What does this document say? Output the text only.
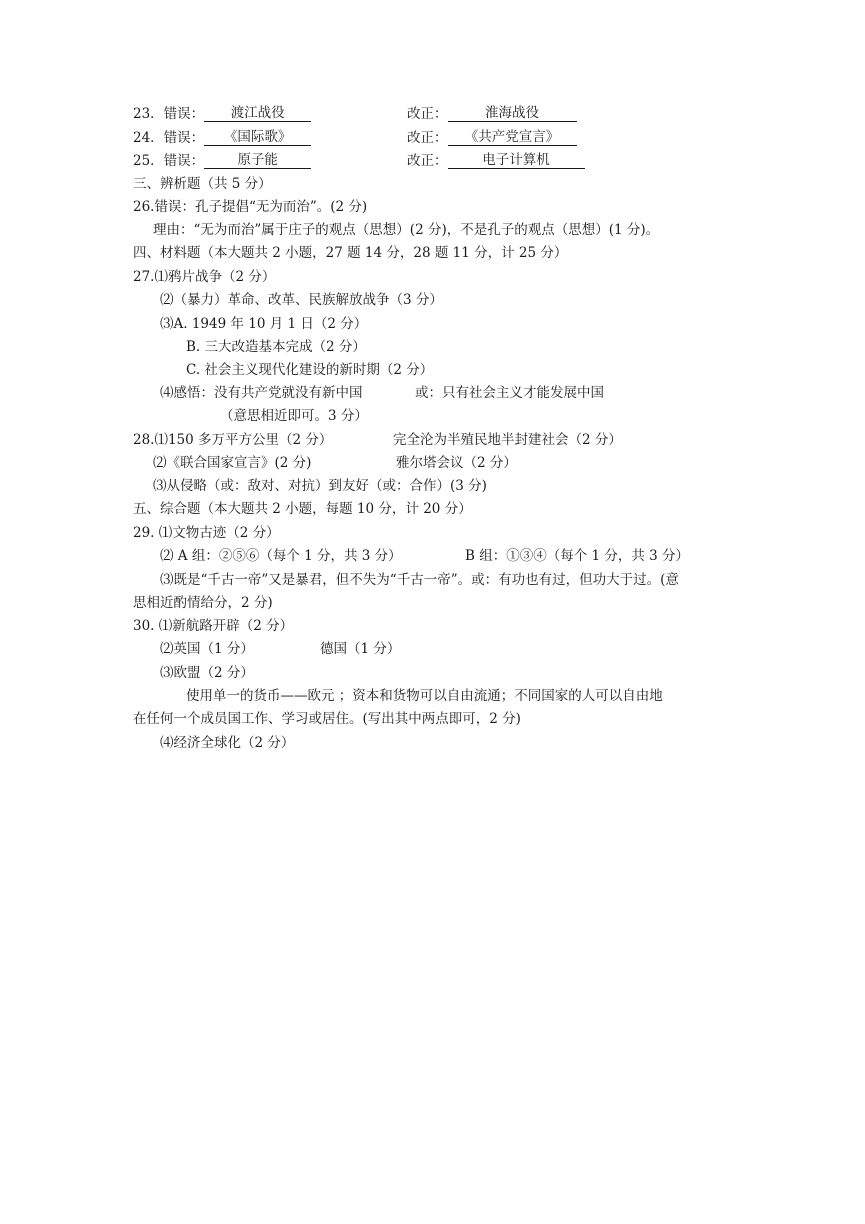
23．错误： 渡江战役	改正：	淮海战役
24．错误： 《国际歌》	改正： 《共产党宣言》
25．错误： 原子能	改正：	电子计算机
三、辨析题（共 5 分）
26.错误：孔子提倡“无为而治”。(2 分)
理由：“无为而治”属于庄子的观点（思想）(2 分)，不是孔子的观点（思想）(1 分)。
四、材料题（本大题共 2 小题，27 题 14 分，28 题 11 分，计 25 分）
27.⑴鸦片战争（2 分）
⑵（暴力）革命、改革、民族解放战争（3 分）
⑶A. 1949 年 10 月 1 日（2 分）
B. 三大改造基本完成（2 分）
C. 社会主义现代化建设的新时期（2 分）
⑷感悟：没有共产党就没有新中国	或：只有社会主义才能发展中国
（意思相近即可。3 分）
28.⑴150 多万平方公里（2 分）	完全沦为半殖民地半封建社会（2 分）
⑵《联合国家宣言》(2 分)	雅尔塔会议（2 分）
⑶从侵略（或：敌对、对抗）到友好（或：合作）(3 分)
五、综合题（本大题共 2 小题，每题 10 分，计 20 分）
29. ⑴文物古迹（2 分）
⑵ A 组：②⑤⑥（每个 1 分，共 3 分）	B 组：①③④（每个 1 分，共 3 分）
⑶既是“千古一帝”又是暴君，但不失为“千古一帝”。或：有功也有过，但功大于过。(意
思相近酌情给分，2 分)
30. ⑴新航路开辟（2 分）
⑵英国（1 分）	德国（1 分）
⑶欧盟（2 分）
使用单一的货币——欧元 ；资本和货物可以自由流通；不同国家的人可以自由地
在任何一个成员国工作、学习或居住。(写出其中两点即可，2 分)
⑷经济全球化（2 分）
